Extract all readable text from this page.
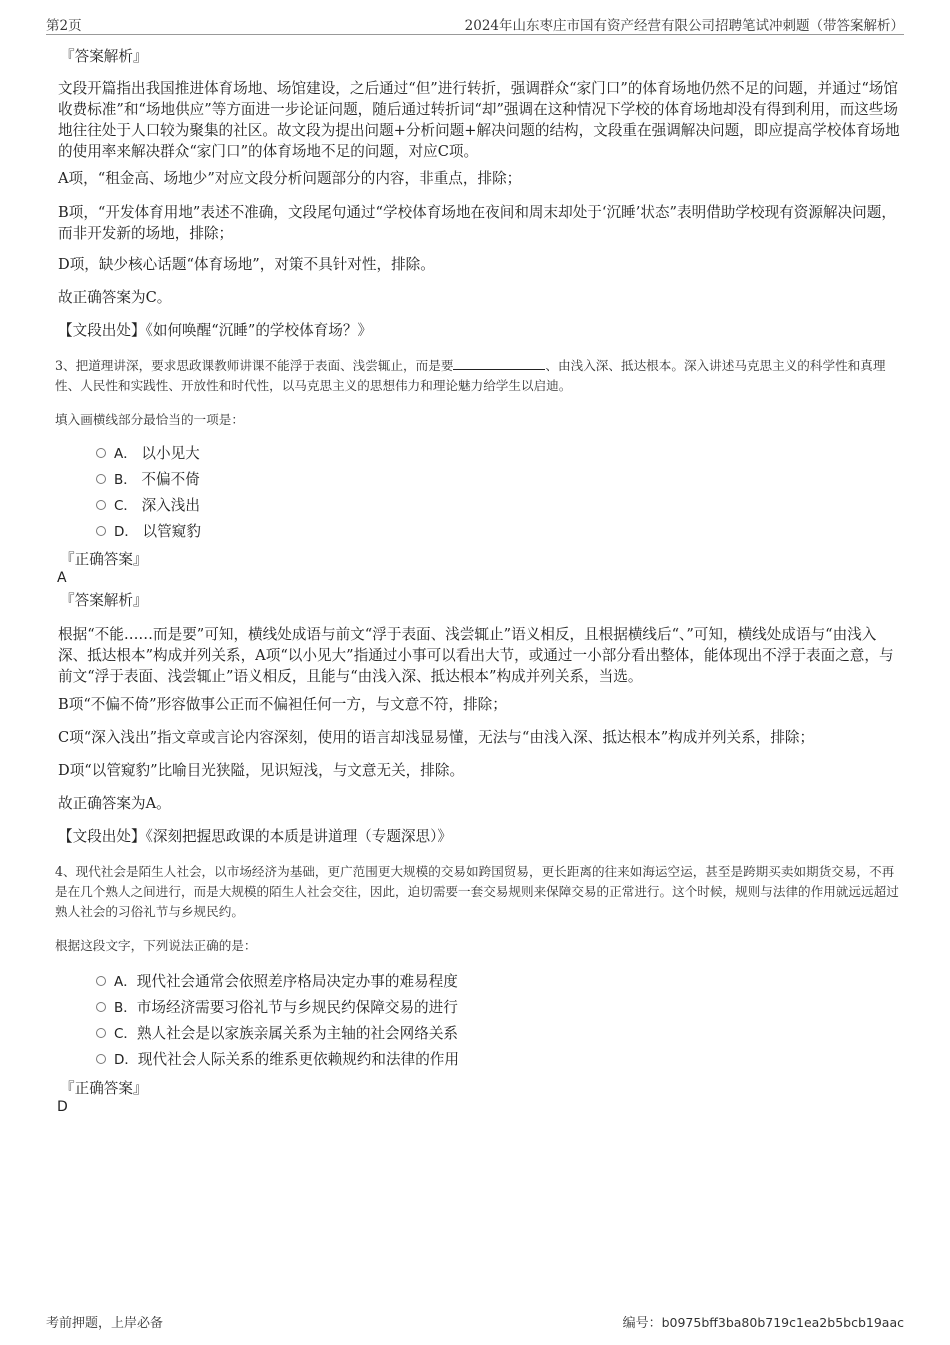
第2页	2024年山东枣庄市国有资产经营有限公司招聘笔试冲刺题（带答案解析）
『答案解析』
文段开篇指出我国推进体育场地、场馆建设，之后通过“但”进行转折，强调群众“家门口”的体育场地仍然不足的问题，并通过“场馆收费标准”和“场地供应”等方面进一步论证问题，随后通过转折词“却”强调在这种情况下学校的体育场地却没有得到利用，而这些场地往往处于人口较为聚集的社区。故文段为提出问题+分析问题+解决问题的结构，文段重在强调解决问题，即应提高学校体育场地的使用率来解决群众“家门口”的体育场地不足的问题，对应C项。
A项，“租金高、场地少”对应文段分析问题部分的内容，非重点，排除；
B项，“开发体育用地”表述不准确，文段尾句通过“学校体育场地在夜间和周末却处于‘沉睡’状态”表明借助学校现有资源解决问题，而非开发新的场地，排除；
D项，缺少核心话题“体育场地”，对策不具针对性，排除。
故正确答案为C。
【文段出处】《如何唤醒“沉睡”的学校体育场？》
3、把道理讲深，要求思政课教师讲课不能浮于表面、浅尝辄止，而是要	、由浅入深、抵达根本。深入讲述马克思主义的科学性和真理性、人民性和实践性、开放性和时代性，以马克思主义的思想伟力和理论魅力给学生以启迪。
填入画横线部分最恰当的一项是：
A． 以小见大
B． 不偏不倚
C． 深入浅出
D． 以管窥豹
『正确答案』
A
『答案解析』
根据“不能……而是要”可知，横线处成语与前文“浮于表面、浅尝辄止”语义相反，且根据横线后“、”可知，横线处成语与“由浅入深、抵达根本”构成并列关系，A项“以小见大”指通过小事可以看出大节，或通过一小部分看出整体，能体现出不浮于表面之意，与前文“浮于表面、浅尝辄止”语义相反，且能与“由浅入深、抵达根本”构成并列关系，当选。
B项“不偏不倚”形容做事公正而不偏袒任何一方，与文意不符，排除；
C项“深入浅出”指文章或言论内容深刻，使用的语言却浅显易懂，无法与“由浅入深、抵达根本”构成并列关系，排除；
D项“以管窥豹”比喻目光狭隘，见识短浅，与文意无关，排除。
故正确答案为A。
【文段出处】《深刻把握思政课的本质是讲道理（专题深思）》
4、现代社会是陌生人社会，以市场经济为基础，更广范围更大规模的交易如跨国贸易，更长距离的往来如海运空运，甚至是跨期买卖如期货交易，不再是在几个熟人之间进行，而是大规模的陌生人社会交往，因此，迫切需要一套交易规则来保障交易的正常进行。这个时候，规则与法律的作用就远远超过熟人社会的习俗礼节与乡规民约。
根据这段文字，下列说法正确的是：
A．现代社会通常会依照差序格局决定办事的难易程度
B．市场经济需要习俗礼节与乡规民约保障交易的进行
C．熟人社会是以家族亲属关系为主轴的社会网络关系
D．现代社会人际关系的维系更依赖规约和法律的作用
『正确答案』
D
考前押题，上岸必备	编号：b0975bff3ba80b719c1ea2b5bcb19aac
